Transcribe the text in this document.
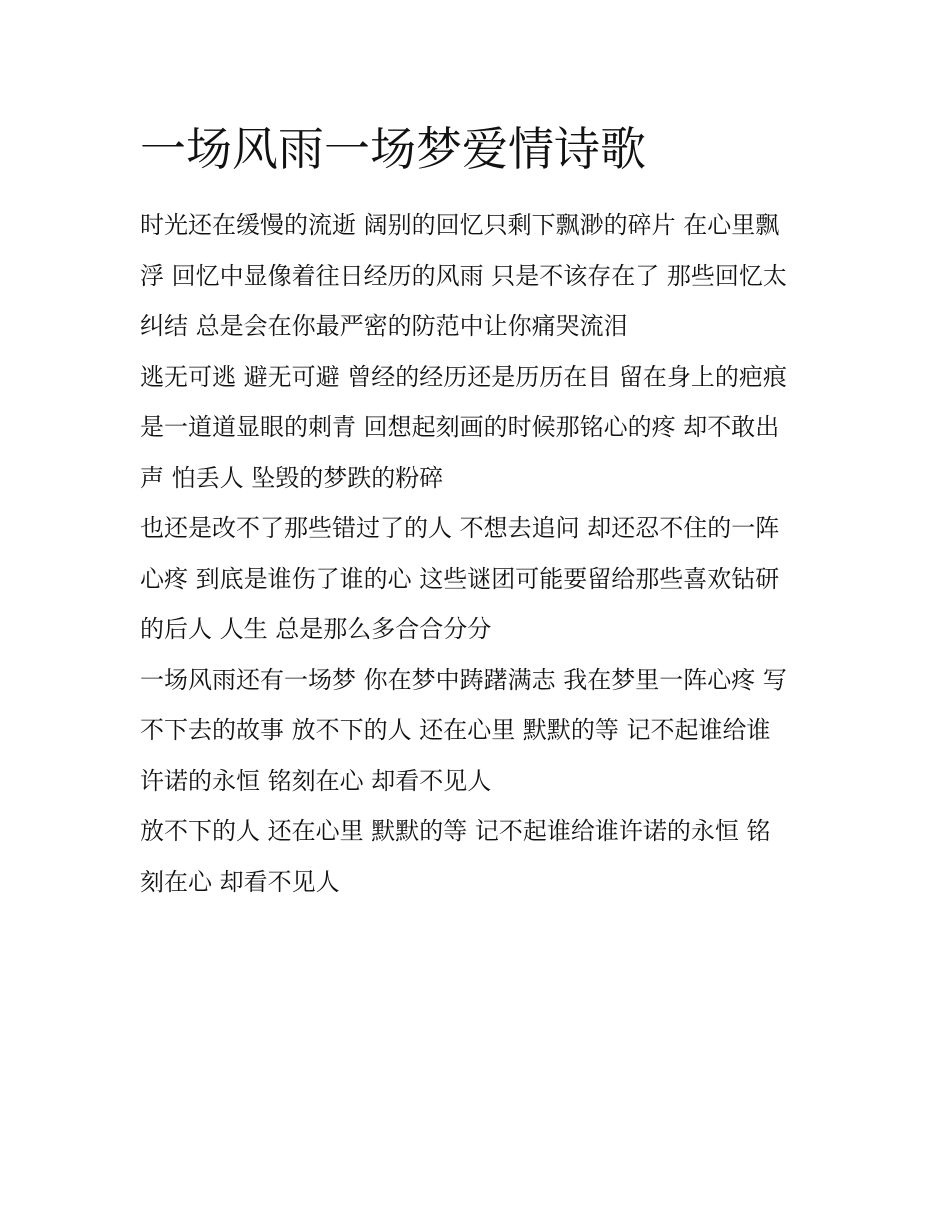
一场风雨一场梦爱情诗歌

时光还在缓慢的流逝 阔别的回忆只剩下飘渺的碎片 在心里飘

浮 回忆中显像着往日经历的风雨 只是不该存在了 那些回忆太

纠结 总是会在你最严密的防范中让你痛哭流泪

逃无可逃 避无可避 曾经的经历还是历历在目 留在身上的疤痕

是一道道显眼的刺青 回想起刻画的时候那铭心的疼 却不敢出

声 怕丢人 坠毁的梦跌的粉碎

也还是改不了那些错过了的人 不想去追问 却还忍不住的一阵

心疼 到底是谁伤了谁的心 这些谜团可能要留给那些喜欢钻研

的后人 人生 总是那么多合合分分

一场风雨还有一场梦 你在梦中踌躇满志 我在梦里一阵心疼 写

不下去的故事 放不下的人 还在心里 默默的等 记不起谁给谁

许诺的永恒 铭刻在心 却看不见人

放不下的人 还在心里 默默的等 记不起谁给谁许诺的永恒 铭

刻在心 却看不见人
